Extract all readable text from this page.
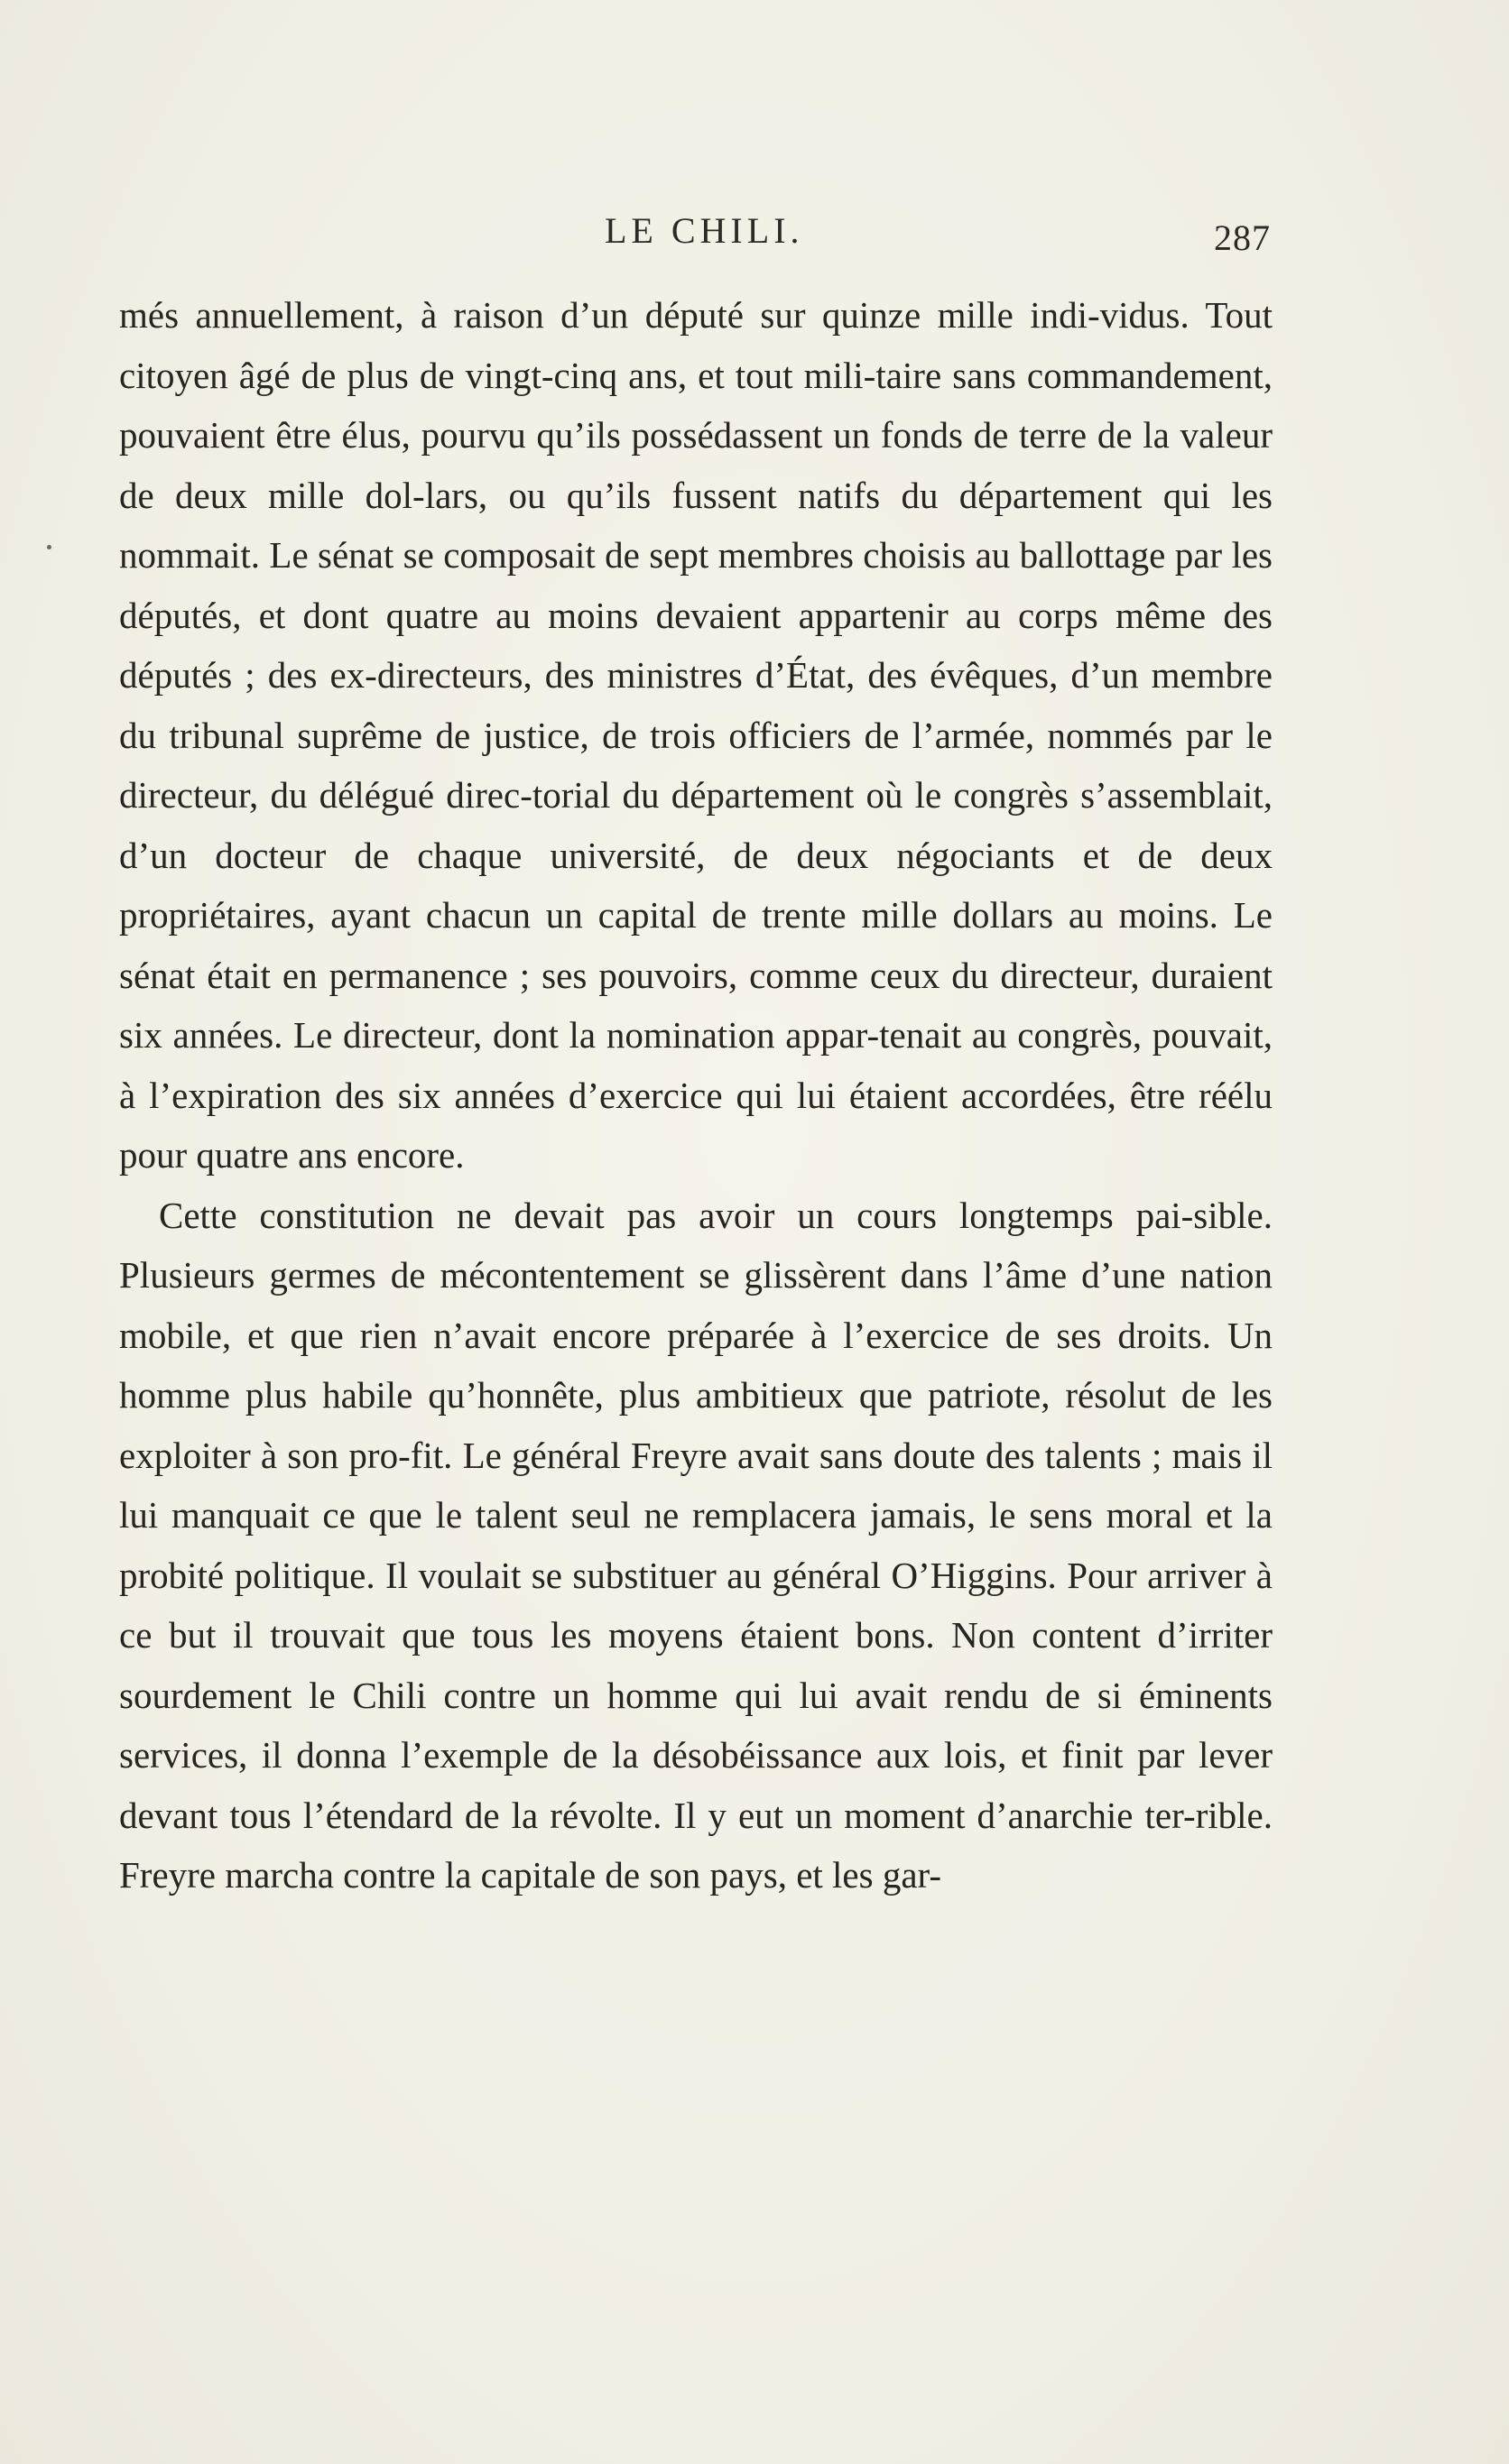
LE CHILI.	287

més annuellement, à raison d’un député sur quinze mille indi-vidus. Tout citoyen âgé de plus de vingt-cinq ans, et tout mili-taire sans commandement, pouvaient être élus, pourvu qu’ils possédassent un fonds de terre de la valeur de deux mille dol-lars, ou qu’ils fussent natifs du département qui les nommait. Le sénat se composait de sept membres choisis au ballottage par les députés, et dont quatre au moins devaient appartenir au corps même des députés ; des ex-directeurs, des ministres d’État, des évêques, d’un membre du tribunal suprême de justice, de trois officiers de l’armée, nommés par le directeur, du délégué direc-torial du département où le congrès s’assemblait, d’un docteur de chaque université, de deux négociants et de deux propriétaires, ayant chacun un capital de trente mille dollars au moins. Le sénat était en permanence ; ses pouvoirs, comme ceux du directeur, duraient six années. Le directeur, dont la nomination appar-tenait au congrès, pouvait, à l’expiration des six années d’exercice qui lui étaient accordées, être réélu pour quatre ans encore.

Cette constitution ne devait pas avoir un cours longtemps pai-sible. Plusieurs germes de mécontentement se glissèrent dans l’âme d’une nation mobile, et que rien n’avait encore préparée à l’exercice de ses droits. Un homme plus habile qu’honnête, plus ambitieux que patriote, résolut de les exploiter à son pro-fit. Le général Freyre avait sans doute des talents ; mais il lui manquait ce que le talent seul ne remplacera jamais, le sens moral et la probité politique. Il voulait se substituer au général O’Higgins. Pour arriver à ce but il trouvait que tous les moyens étaient bons. Non content d’irriter sourdement le Chili contre un homme qui lui avait rendu de si éminents services, il donna l’exemple de la désobéissance aux lois, et finit par lever devant tous l’étendard de la révolte. Il y eut un moment d’anarchie ter-rible. Freyre marcha contre la capitale de son pays, et les gar-
